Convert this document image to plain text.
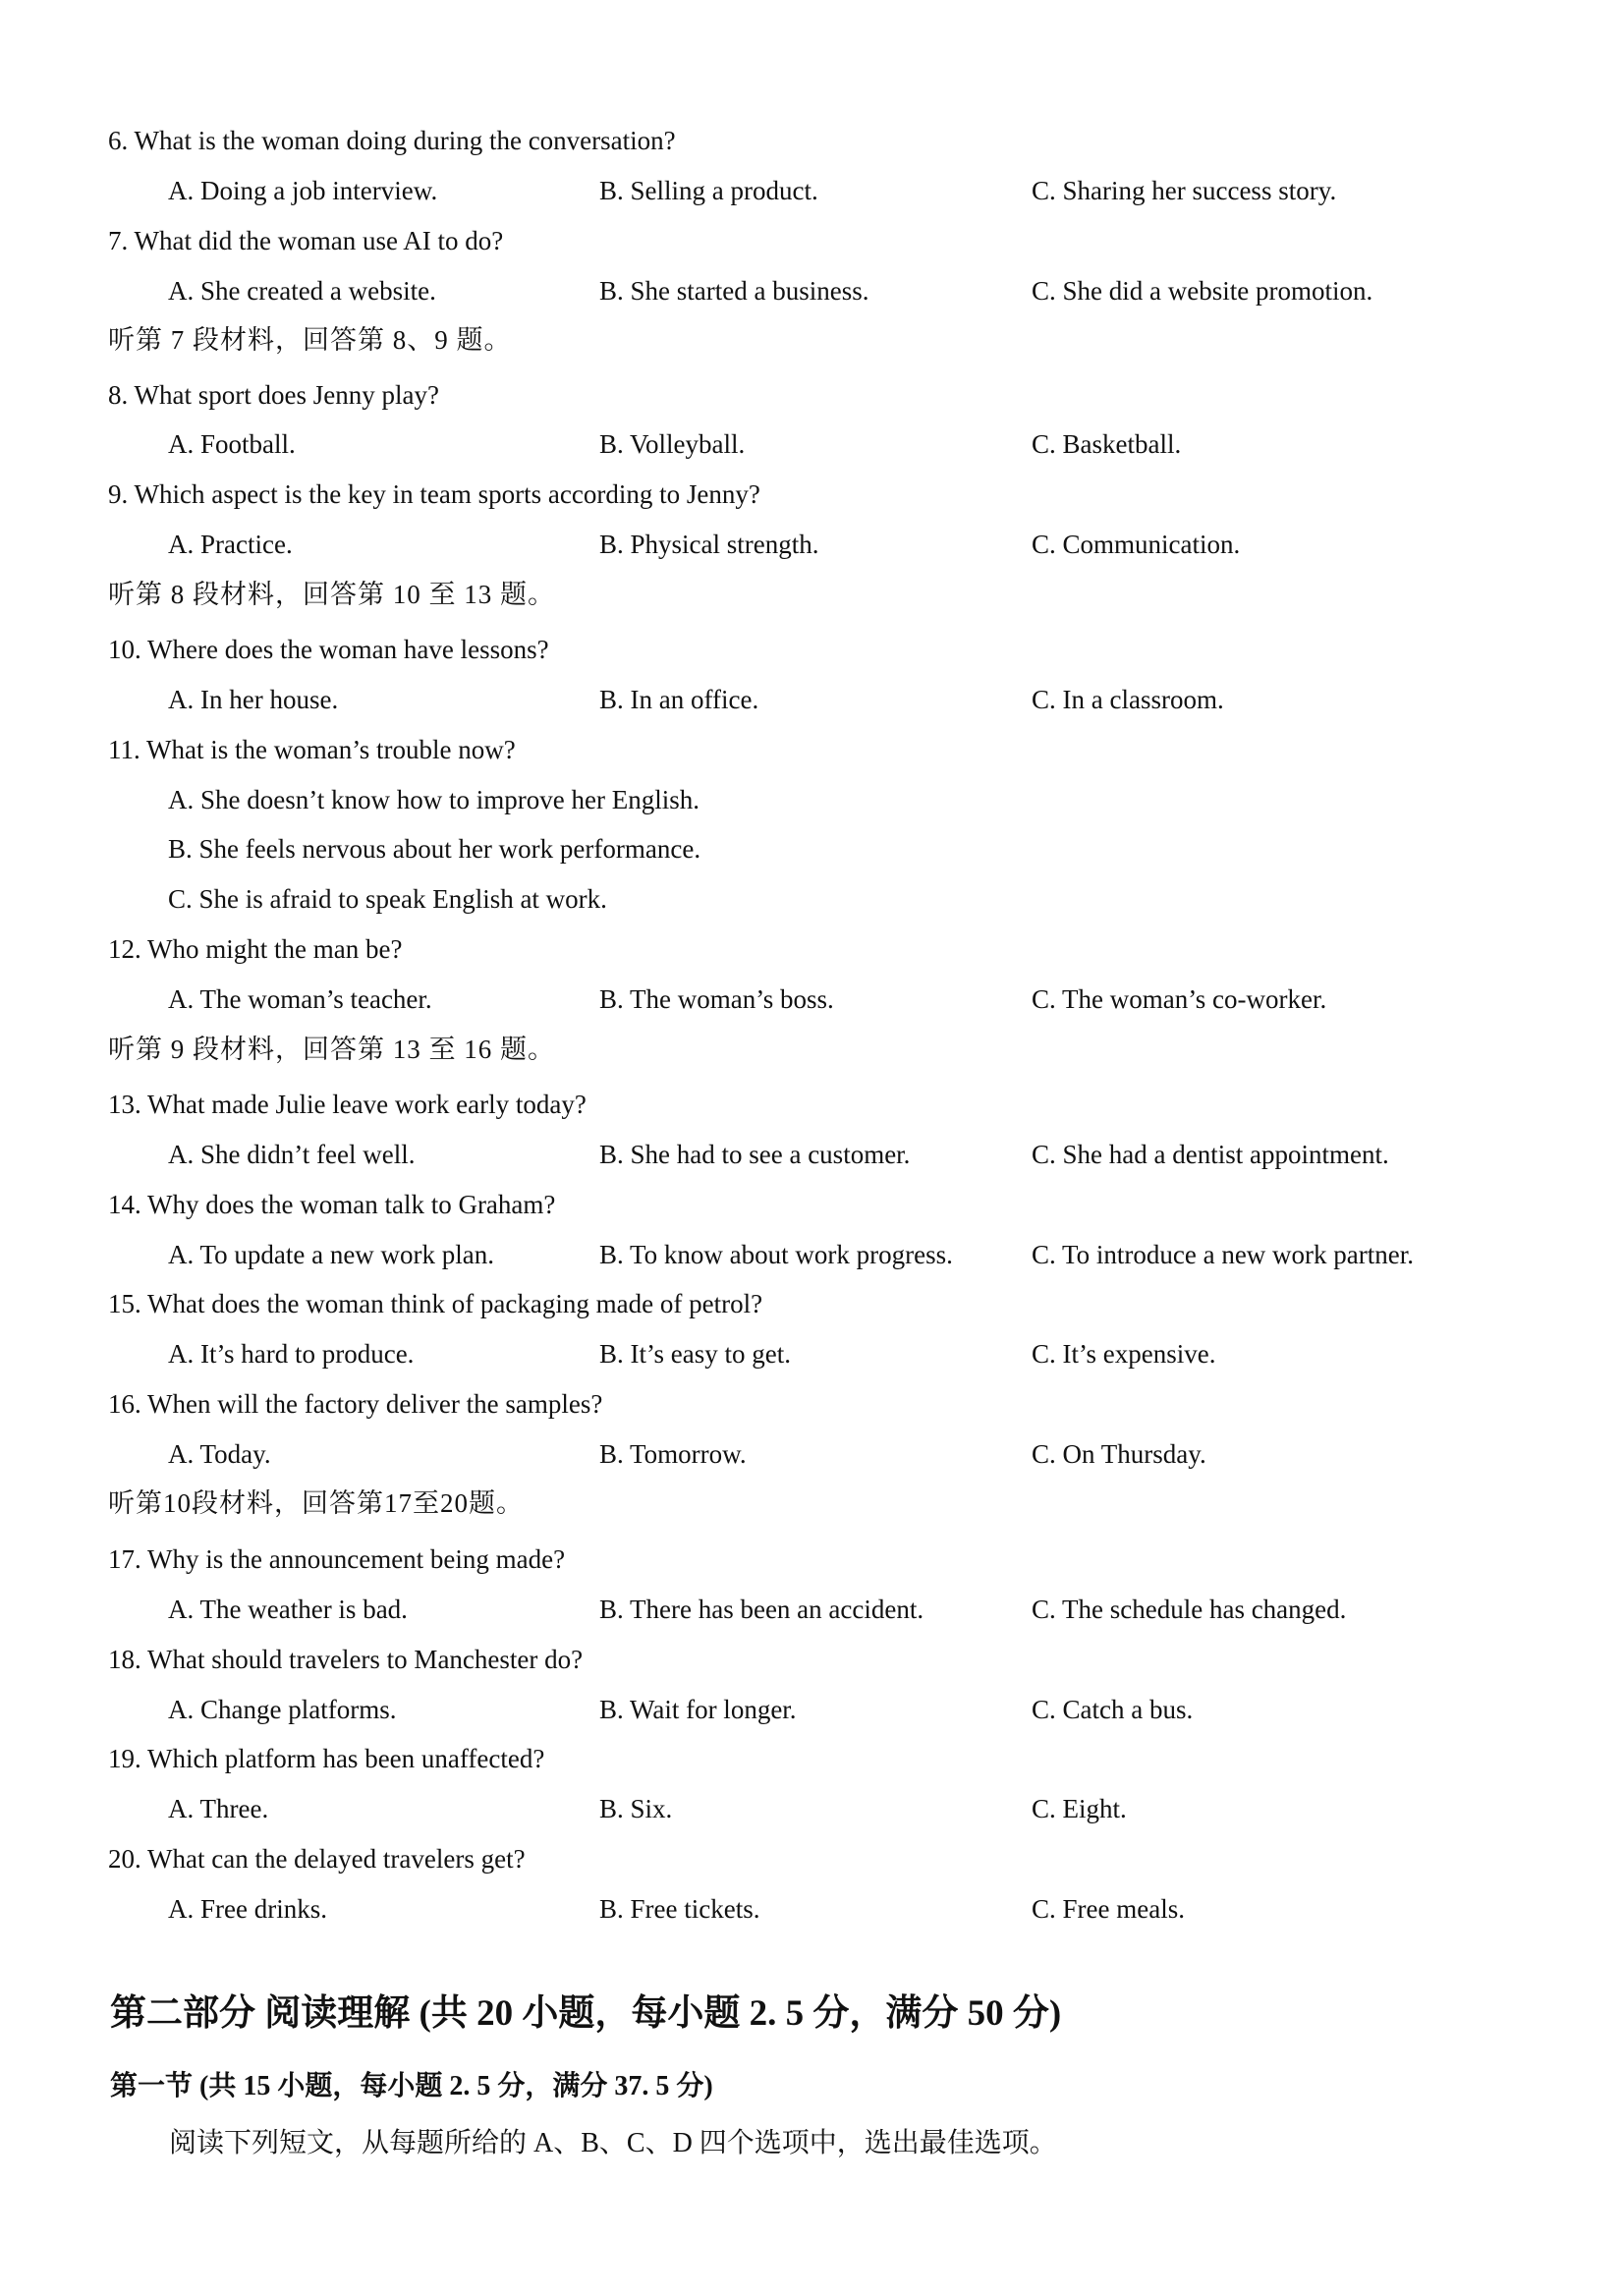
6. What is the woman doing during the conversation?
A. Doing a job interview.	B. Selling a product.	C. Sharing her success story.
7. What did the woman use AI to do?
A. She created a website.	B. She started a business.	C. She did a website promotion.
听第 7 段材料，回答第 8、9 题。
8. What sport does Jenny play?
A. Football.	B. Volleyball.	C. Basketball.
9. Which aspect is the key in team sports according to Jenny?
A. Practice.	B. Physical strength.	C. Communication.
听第 8 段材料，回答第 10 至 13 题。
10. Where does the woman have lessons?
A. In her house.	B. In an office.	C. In a classroom.
11. What is the woman’s trouble now?
A. She doesn’t know how to improve her English.
B. She feels nervous about her work performance.
C. She is afraid to speak English at work.
12. Who might the man be?
A. The woman’s teacher.	B. The woman’s boss.	C. The woman’s co-worker.
听第 9 段材料，回答第 13 至 16 题。
13. What made Julie leave work early today?
A. She didn’t feel well.	B. She had to see a customer.	C. She had a dentist appointment.
14. Why does the woman talk to Graham?
A. To update a new work plan.	B. To know about work progress.	C. To introduce a new work partner.
15. What does the woman think of packaging made of petrol?
A. It’s hard to produce.	B. It’s easy to get.	C. It’s expensive.
16. When will the factory deliver the samples?
A. Today.	B. Tomorrow.	C. On Thursday.
听第10段材料，回答第17至20题。
17. Why is the announcement being made?
A. The weather is bad.	B. There has been an accident.	C. The schedule has changed.
18. What should travelers to Manchester do?
A. Change platforms.	B. Wait for longer.	C. Catch a bus.
19. Which platform has been unaffected?
A. Three.	B. Six.	C. Eight.
20. What can the delayed travelers get?
A. Free drinks.	B. Free tickets.	C. Free meals.
第二部分 阅读理解 (共 20 小题，每小题 2. 5 分，满分 50 分)
第一节 (共 15 小题，每小题 2. 5 分，满分 37. 5 分)
阅读下列短文，从每题所给的 A、B、C、D 四个选项中，选出最佳选项。
